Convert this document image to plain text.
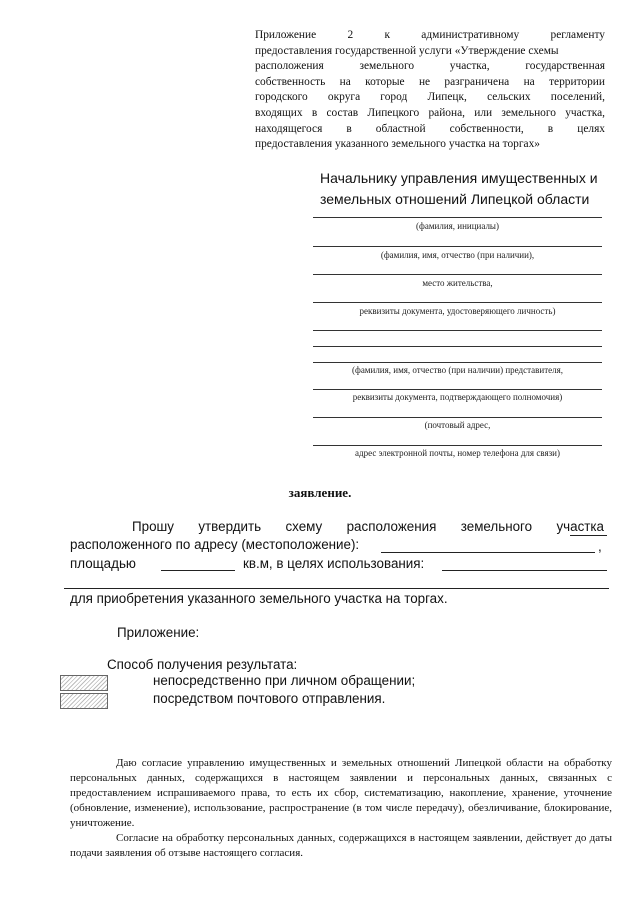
Приложение 2 к административному регламенту
предоставления государственной услуги «Утверждение схемы
расположения земельного участка, государственная
собственность на которые не разграничена на территории
городского округа город Липецк, сельских поселений,
входящих в состав Липецкого района, или земельного участка,
находящегося в областной собственности, в целях
предоставления указанного земельного участка на торгах»
Начальнику управления имущественных и
земельных отношений Липецкой области
(фамилия, инициалы)
(фамилия, имя, отчество (при наличии),
место жительства,
реквизиты документа, удостоверяющего личность)
(фамилия, имя, отчество (при наличии) представителя,
реквизиты документа, подтверждающего полномочия)
(почтовый адрес,
адрес электронной почты, номер телефона для связи)
заявление.
Прошу утвердить схему расположения земельного участка
расположенного по адресу (местоположение):	,
площадью	кв.м, в целях использования:
для приобретения указанного земельного участка на торгах.
Приложение:
Способ получения результата:
непосредственно при личном обращении;
посредством почтового отправления.

Даю согласие управлению имущественных и земельных отношений Липецкой области на обработку персональных данных, содержащихся в настоящем заявлении и персональных данных, связанных с предоставлением испрашиваемого права, то есть их сбор, систематизацию, накопление, хранение, уточнение (обновление, изменение), использование, распространение (в том числе передачу), обезличивание, блокирование, уничтожение.

Согласие на обработку персональных данных, содержащихся в настоящем заявлении, действует до даты подачи заявления об отзыве настоящего согласия.
